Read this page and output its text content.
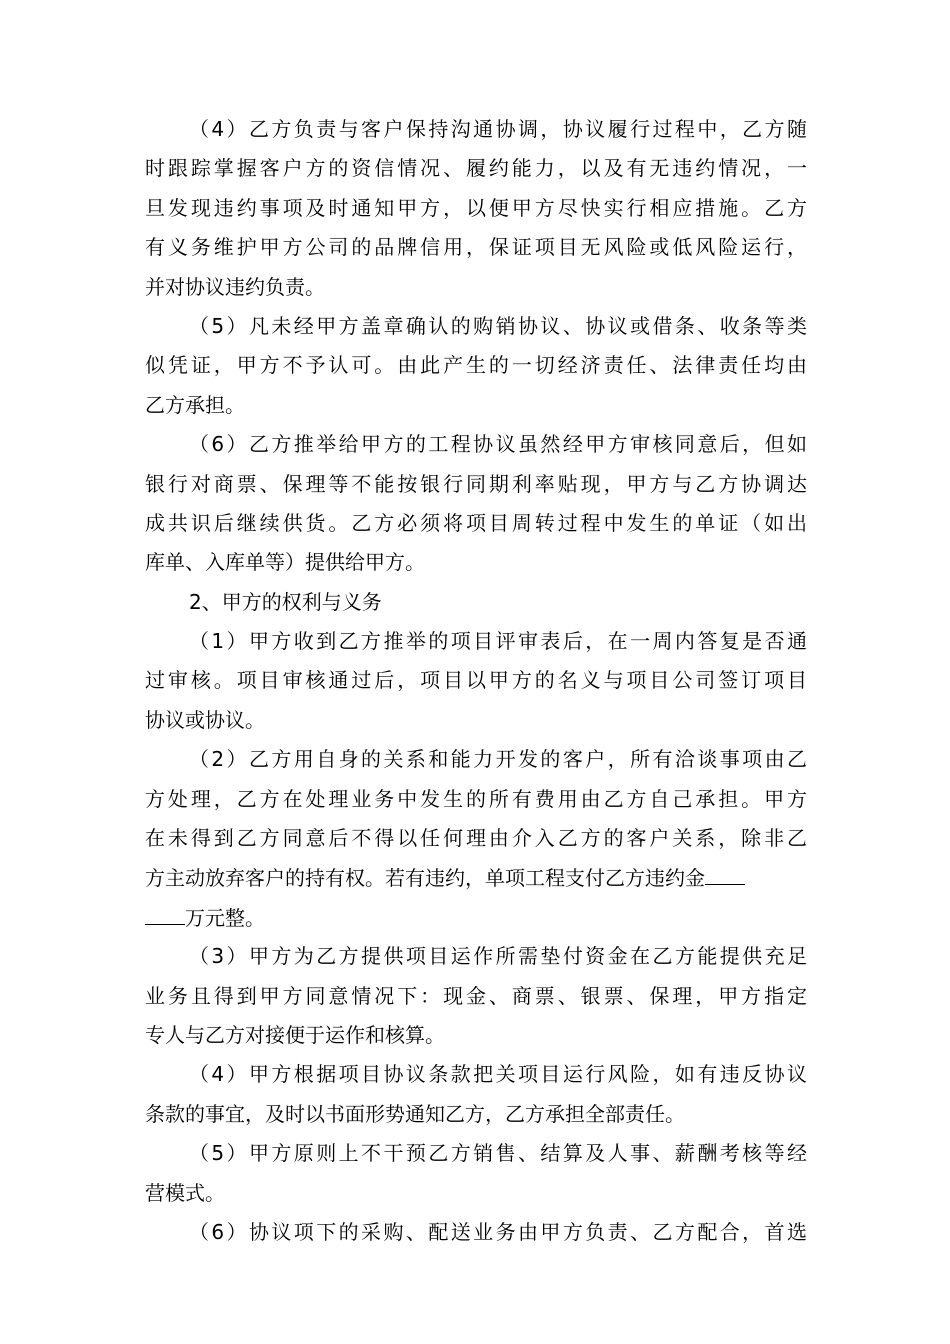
（4）乙方负责与客户保持沟通协调，协议履行过程中，乙方随
时跟踪掌握客户方的资信情况、履约能力，以及有无违约情况，一
旦发现违约事项及时通知甲方，以便甲方尽快实行相应措施。乙方
有义务维护甲方公司的品牌信用，保证项目无风险或低风险运行，
并对协议违约负责。
（5）凡未经甲方盖章确认的购销协议、协议或借条、收条等类
似凭证，甲方不予认可。由此产生的一切经济责任、法律责任均由
乙方承担。
（6）乙方推举给甲方的工程协议虽然经甲方审核同意后，但如
银行对商票、保理等不能按银行同期利率贴现，甲方与乙方协调达
成共识后继续供货。乙方必须将项目周转过程中发生的单证（如出
库单、入库单等）提供给甲方。
2、甲方的权利与义务
（1）甲方收到乙方推举的项目评审表后，在一周内答复是否通
过审核。项目审核通过后，项目以甲方的名义与项目公司签订项目
协议或协议。
（2）乙方用自身的关系和能力开发的客户，所有洽谈事项由乙
方处理，乙方在处理业务中发生的所有费用由乙方自己承担。甲方
在未得到乙方同意后不得以任何理由介入乙方的客户关系，除非乙
方主动放弃客户的持有权。若有违约，单项工程支付乙方违约金
万元整。
（3）甲方为乙方提供项目运作所需垫付资金在乙方能提供充足
业务且得到甲方同意情况下：现金、商票、银票、保理，甲方指定
专人与乙方对接便于运作和核算。
（4）甲方根据项目协议条款把关项目运行风险，如有违反协议
条款的事宜，及时以书面形势通知乙方，乙方承担全部责任。
（5）甲方原则上不干预乙方销售、结算及人事、薪酬考核等经
营模式。
（6）协议项下的采购、配送业务由甲方负责、乙方配合，首选
